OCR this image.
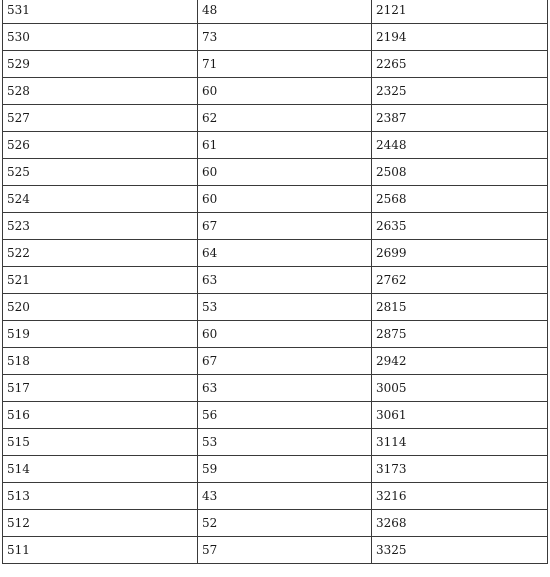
531	48	2121
530	73	2194
529	71	2265
528	60	2325
527	62	2387
526	61	2448
525	60	2508
524	60	2568
523	67	2635
522	64	2699
521	63	2762
520	53	2815
519	60	2875
518	67	2942
517	63	3005
516	56	3061
515	53	3114
514	59	3173
513	43	3216
512	52	3268
511	57	3325
